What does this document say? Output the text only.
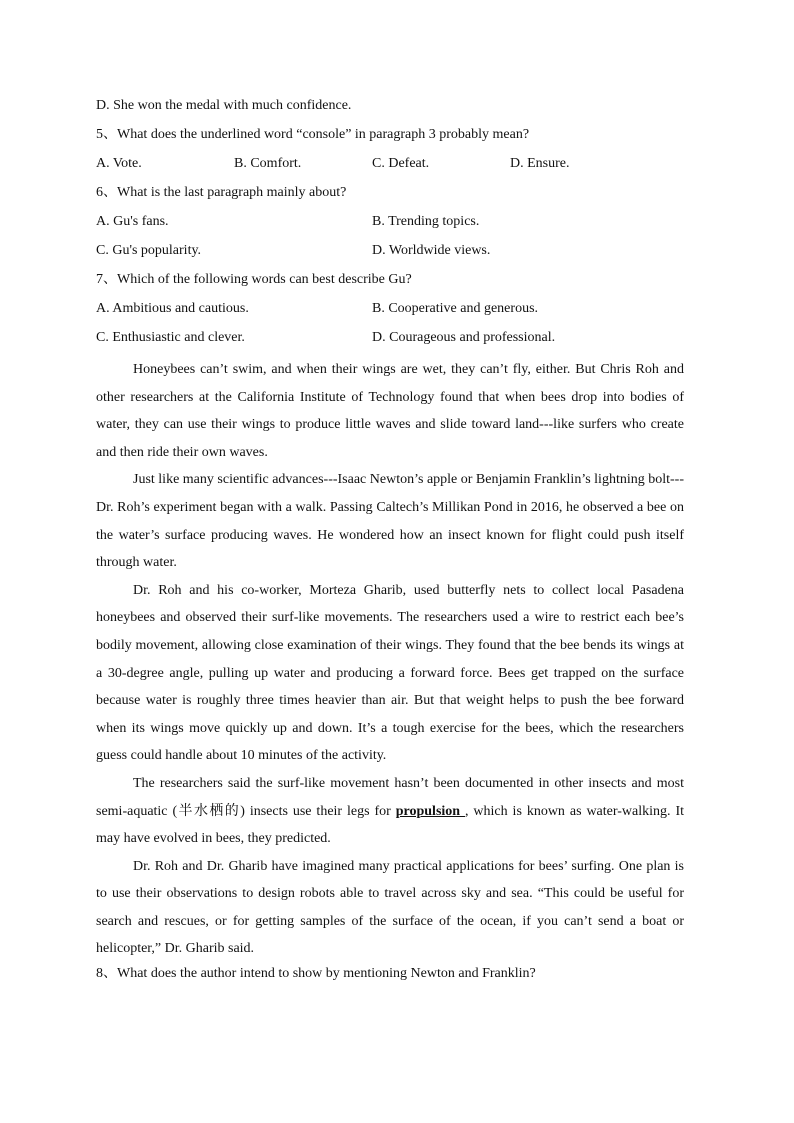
D. She won the medal with much confidence.
5、What does the underlined word “console” in paragraph 3 probably mean?
A. Vote.	B. Comfort.	C. Defeat.	D. Ensure.
6、What is the last paragraph mainly about?
A. Gu's fans.	B. Trending topics.
C. Gu's popularity.	D. Worldwide views.
7、Which of the following words can best describe Gu?
A. Ambitious and cautious.	B. Cooperative and generous.
C. Enthusiastic and clever.	D. Courageous and professional.

Honeybees can’t swim, and when their wings are wet, they can’t fly, either. But Chris Roh and other researchers at the California Institute of Technology found that when bees drop into bodies of water, they can use their wings to produce little waves and slide toward land---like surfers who create and then ride their own waves.

Just like many scientific advances---Isaac Newton’s apple or Benjamin Franklin’s lightning bolt---Dr. Roh’s experiment began with a walk. Passing Caltech’s Millikan Pond in 2016, he observed a bee on the water’s surface producing waves. He wondered how an insect known for flight could push itself through water.

Dr. Roh and his co-worker, Morteza Gharib, used butterfly nets to collect local Pasadena honeybees and observed their surf-like movements. The researchers used a wire to restrict each bee’s bodily movement, allowing close examination of their wings. They found that the bee bends its wings at a 30-degree angle, pulling up water and producing a forward force. Bees get trapped on the surface because water is roughly three times heavier than air. But that weight helps to push the bee forward when its wings move quickly up and down. It’s a tough exercise for the bees, which the researchers guess could handle about 10 minutes of the activity.

The researchers said the surf-like movement hasn’t been documented in other insects and most semi-aquatic (半水栖的) insects use their legs for propulsion , which is known as water-walking. It may have evolved in bees, they predicted.

Dr. Roh and Dr. Gharib have imagined many practical applications for bees’ surfing. One plan is to use their observations to design robots able to travel across sky and sea. “This could be useful for search and rescues, or for getting samples of the surface of the ocean, if you can’t send a boat or helicopter,” Dr. Gharib said.

8、What does the author intend to show by mentioning Newton and Franklin?
